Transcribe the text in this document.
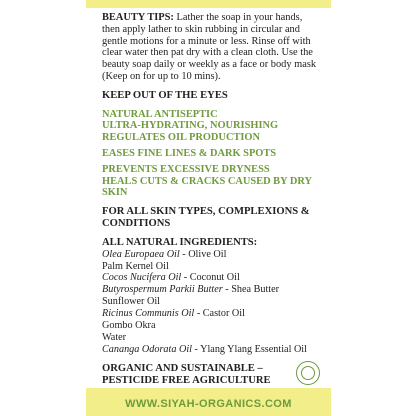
BEAUTY TIPS: Lather the soap in your hands, then apply lather to skin rubbing in circular and gentle motions for a minute or less. Rinse off with clear water then pat dry with a clean cloth. Use the beauty soap daily or weekly as a face or body mask (Keep on for up to 10 mins).

KEEP OUT OF THE EYES

NATURAL ANTISEPTIC

ULTRA-HYDRATING, NOURISHING

REGULATES OIL PRODUCTION

EASES FINE LINES & DARK SPOTS

PREVENTS EXCESSIVE DRYNESS

HEALS CUTS & CRACKS CAUSED BY DRY SKIN

FOR ALL SKIN TYPES, COMPLEXIONS & CONDITIONS

ALL NATURAL INGREDIENTS:

Olea Europaea Oil - Olive Oil

Palm Kernel Oil

Cocos Nucifera Oil - Coconut Oil

Butyrospermum Parkii Butter - Shea Butter

Sunflower Oil

Ricinus Communis Oil - Castor Oil

Gombo Okra

Water

Cananga Odorata Oil - Ylang Ylang Essential Oil

ORGANIC AND SUSTAINABLE – PESTICIDE FREE AGRICULTURE

WWW.SIYAH-ORGANICS.COM
